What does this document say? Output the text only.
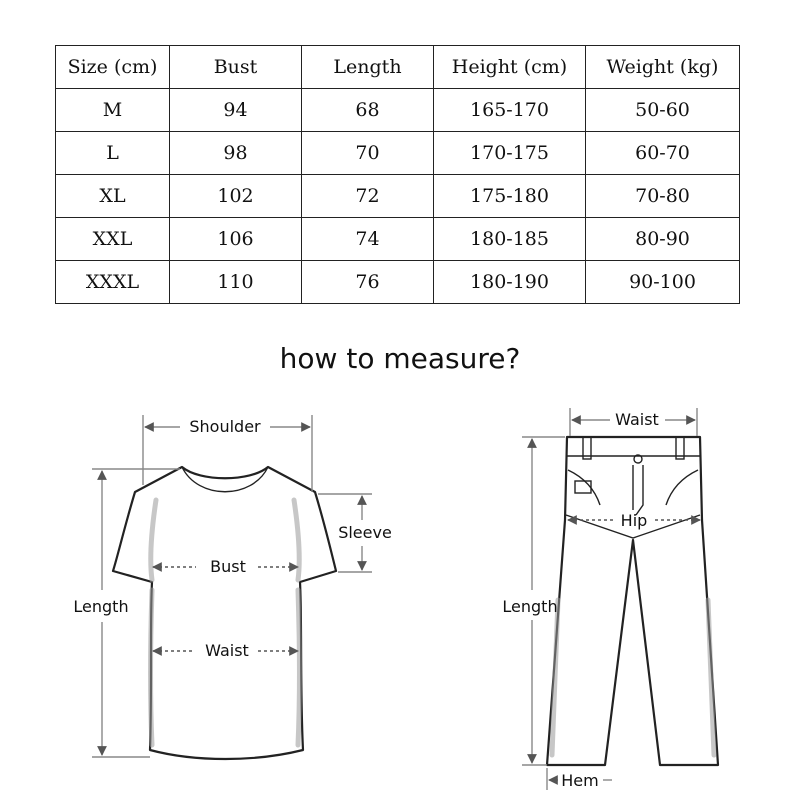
Size (cm)	Bust	Length	Height (cm)	Weight (kg)
M	94	68	165-170	50-60
L	98	70	170-175	60-70
XL	102	72	175-180	70-80
XXL	106	74	180-185	80-90
XXXL	110	76	180-190	90-100
how to measure?
Shoulder
Sleeve
Bust
Waist
Length
Waist
Hip
Length
Hem
